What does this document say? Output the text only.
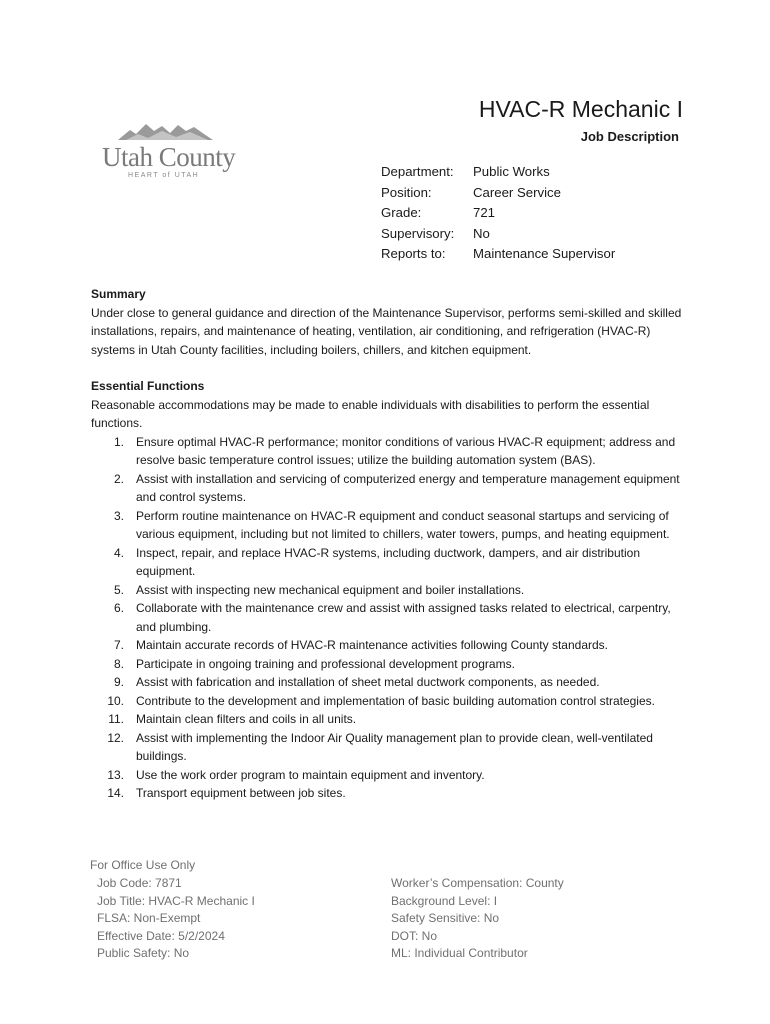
Utah County
HEART of UTAH
HVAC-R Mechanic I
Job Description
Department: Public Works
Position:	Career Service
Grade:	721
Supervisory: No
Reports to: Maintenance Supervisor
Summary
Under close to general guidance and direction of the Maintenance Supervisor, performs semi-skilled and skilled installations, repairs, and maintenance of heating, ventilation, air conditioning, and refrigeration (HVAC-R) systems in Utah County facilities, including boilers, chillers, and kitchen equipment.
Essential Functions
Reasonable accommodations may be made to enable individuals with disabilities to perform the essential functions.
1. Ensure optimal HVAC-R performance; monitor conditions of various HVAC-R equipment; address and resolve basic temperature control issues; utilize the building automation system (BAS).
2. Assist with installation and servicing of computerized energy and temperature management equipment and control systems.
3. Perform routine maintenance on HVAC-R equipment and conduct seasonal startups and servicing of various equipment, including but not limited to chillers, water towers, pumps, and heating equipment.
4. Inspect, repair, and replace HVAC-R systems, including ductwork, dampers, and air distribution equipment.
5. Assist with inspecting new mechanical equipment and boiler installations.
6. Collaborate with the maintenance crew and assist with assigned tasks related to electrical, carpentry, and plumbing.
7. Maintain accurate records of HVAC-R maintenance activities following County standards.
8. Participate in ongoing training and professional development programs.
9. Assist with fabrication and installation of sheet metal ductwork components, as needed.
10. Contribute to the development and implementation of basic building automation control strategies.
11. Maintain clean filters and coils in all units.
12. Assist with implementing the Indoor Air Quality management plan to provide clean, well-ventilated buildings.
13. Use the work order program to maintain equipment and inventory.
14. Transport equipment between job sites.
For Office Use Only
Job Code: 7871
Job Title: HVAC-R Mechanic I
FLSA: Non-Exempt
Effective Date: 5/2/2024
Public Safety: No
Worker’s Compensation: County
Background Level: I
Safety Sensitive: No
DOT: No
ML: Individual Contributor
